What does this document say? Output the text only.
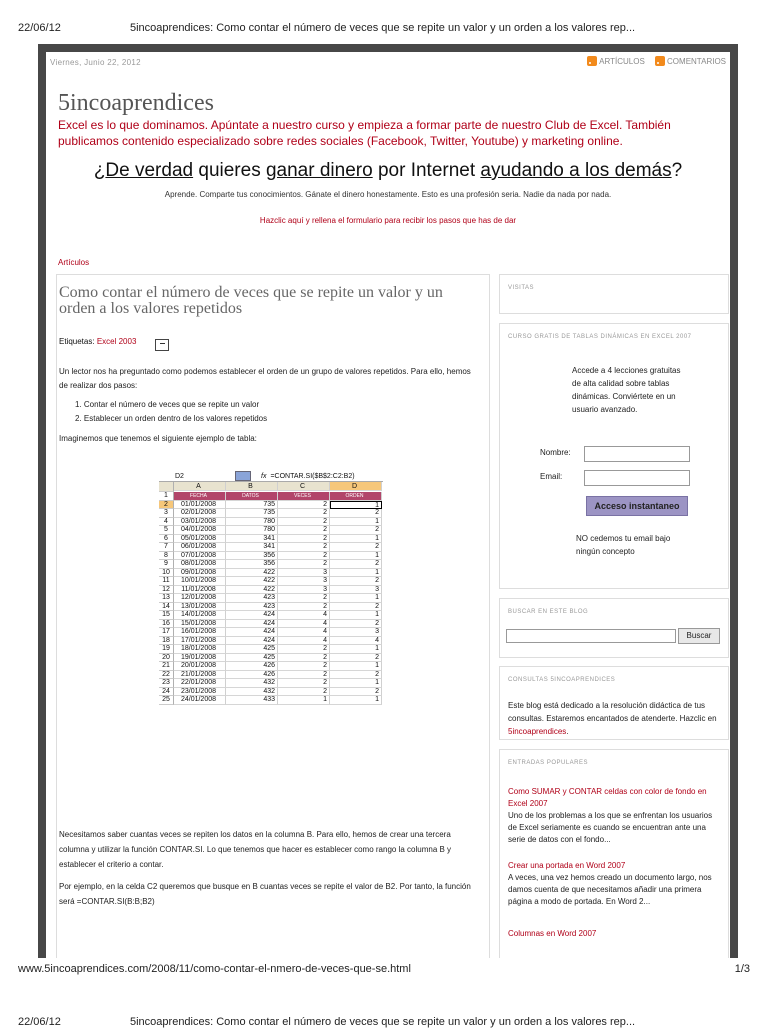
22/06/12	5incoaprendices: Como contar el número de veces que se repite un valor y un orden a los valores rep...
Viernes, Junio 22, 2012	ARTÍCULOS
	COMENTARIOS
5incoaprendices
Excel es lo que dominamos. Apúntate a nuestro curso y empieza a formar parte de nuestro Club de Excel. También publicamos contenido especializado sobre redes sociales (Facebook, Twitter, Youtube) y marketing online.
¿De verdad quieres ganar dinero por Internet ayudando a los demás?
Aprende. Comparte tus conocimientos. Gánate el dinero honestamente. Esto es una profesión seria. Nadie da nada por nada.
Hazclic aquí y rellena el formulario para recibir los pasos que has de dar
Artículos
Como contar el número de veces que se repite un valor y un orden a los valores repetidos
Etiquetas: Excel 2003
Un lector nos ha preguntado como podemos establecer el orden de un grupo de valores repetidos. Para ello, hemos de realizar dos pasos:
1. Contar el número de veces que se repite un valor
2. Establecer un orden dentro de los valores repetidos
Imaginemos que tenemos el siguiente ejemplo de tabla:
D2	fx =CONTAR.SI($B$2:C2:B2)
A	B	C	D
1	FECHA	DATOS	VECES	ORDEN
2	01/01/2008	735	2	1
3	02/01/2008	735	2	2
4	03/01/2008	780	2	1
5	04/01/2008	780	2	2
6	05/01/2008	341	2	1
7	06/01/2008	341	2	2
8	07/01/2008	356	2	1
9	08/01/2008	356	2	2
10	09/01/2008	422	3	1
11	10/01/2008	422	3	2
12	11/01/2008	422	3	3
13	12/01/2008	423	2	1
14	13/01/2008	423	2	2
15	14/01/2008	424	4	1
16	15/01/2008	424	4	2
17	16/01/2008	424	4	3
18	17/01/2008	424	4	4
19	18/01/2008	425	2	1
20	19/01/2008	425	2	2
21	20/01/2008	426	2	1
22	21/01/2008	426	2	2
23	22/01/2008	432	2	1
24	23/01/2008	432	2	2
25	24/01/2008	433	1	1
Necesitamos saber cuantas veces se repiten los datos en la columna B. Para ello, hemos de crear una tercera columna y utilizar la función CONTAR.SI. Lo que tenemos que hacer es establecer como rango la columna B y establecer el criterio a contar.
Por ejemplo, en la celda C2 queremos que busque en B cuantas veces se repite el valor de B2. Por tanto, la función será =CONTAR.SI(B:B;B2)
VISITAS
CURSO GRATIS DE TABLAS DINÁMICAS EN EXCEL 2007
Accede a 4 lecciones gratuitas de alta calidad sobre tablas dinámicas. Conviértete en un usuario avanzado.
Nombre:
Email:
Acceso instantaneo
NO cedemos tu email bajo ningún concepto
BUSCAR EN ESTE BLOG
Buscar
CONSULTAS 5INCOAPRENDICES
Este blog está dedicado a la resolución didáctica de tus consultas. Estaremos encantados de atenderte. Hazclic en 5incoaprendices.
ENTRADAS POPULARES
Como SUMAR y CONTAR celdas con color de fondo en Excel 2007
Uno de los problemas a los que se enfrentan los usuarios de Excel seriamente es cuando se encuentran ante una serie de datos con el fondo...
Crear una portada en Word 2007
A veces, una vez hemos creado un documento largo, nos damos cuenta de que necesitamos añadir una primera página a modo de portada. En Word 2...
Columnas en Word 2007
www.5incoaprendices.com/2008/11/como-contar-el-nmero-de-veces-que-se.html	1/3
22/06/12	5incoaprendices: Como contar el número de veces que se repite un valor y un orden a los valores rep...
